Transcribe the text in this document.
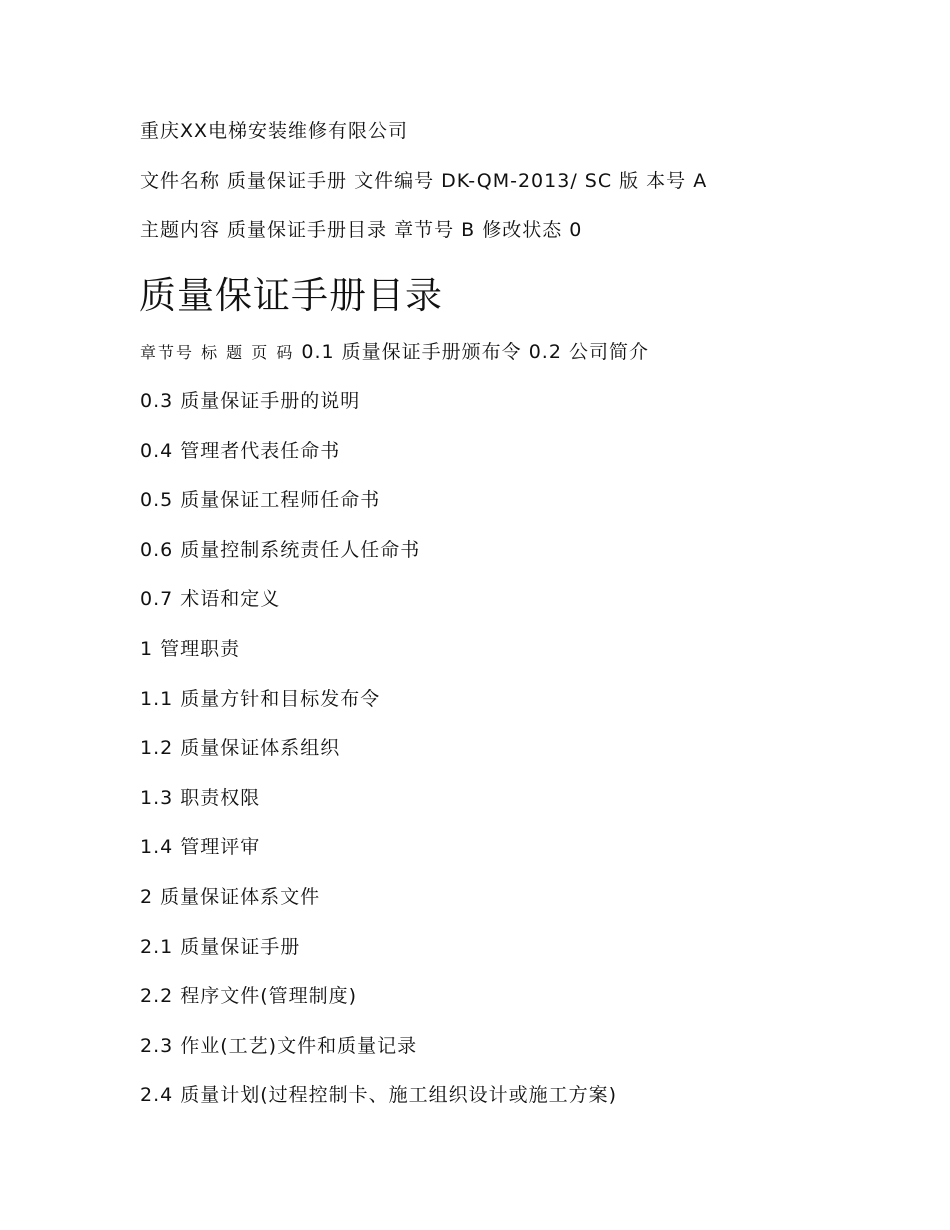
重庆XX电梯安装维修有限公司
文件名称 质量保证手册 文件编号 DK-QM-2013/ SC 版 本号 A
主题内容 质量保证手册目录 章节号 B 修改状态 0
质量保证手册目录
章节号 标 题 页 码 0.1 质量保证手册颁布令 0.2 公司简介
0.3 质量保证手册的说明
0.4 管理者代表任命书
0.5 质量保证工程师任命书
0.6 质量控制系统责任人任命书
0.7 术语和定义
1 管理职责
1.1 质量方针和目标发布令
1.2 质量保证体系组织
1.3 职责权限
1.4 管理评审
2 质量保证体系文件
2.1 质量保证手册
2.2 程序文件(管理制度)
2.3 作业(工艺)文件和质量记录
2.4 质量计划(过程控制卡、施工组织设计或施工方案)
